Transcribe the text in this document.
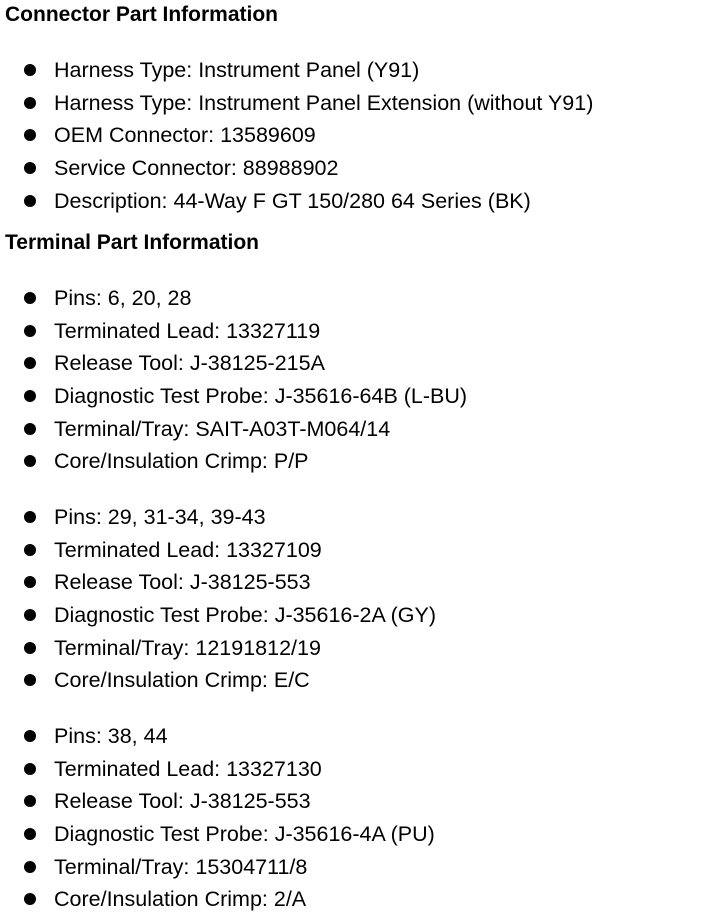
Connector Part Information
Harness Type: Instrument Panel (Y91)
Harness Type: Instrument Panel Extension (without Y91)
OEM Connector: 13589609
Service Connector: 88988902
Description: 44-Way F GT 150/280 64 Series (BK)
Terminal Part Information
Pins: 6, 20, 28
Terminated Lead: 13327119
Release Tool: J-38125-215A
Diagnostic Test Probe: J-35616-64B (L-BU)
Terminal/Tray: SAIT-A03T-M064/14
Core/Insulation Crimp: P/P
Pins: 29, 31-34, 39-43
Terminated Lead: 13327109
Release Tool: J-38125-553
Diagnostic Test Probe: J-35616-2A (GY)
Terminal/Tray: 12191812/19
Core/Insulation Crimp: E/C
Pins: 38, 44
Terminated Lead: 13327130
Release Tool: J-38125-553
Diagnostic Test Probe: J-35616-4A (PU)
Terminal/Tray: 15304711/8
Core/Insulation Crimp: 2/A
